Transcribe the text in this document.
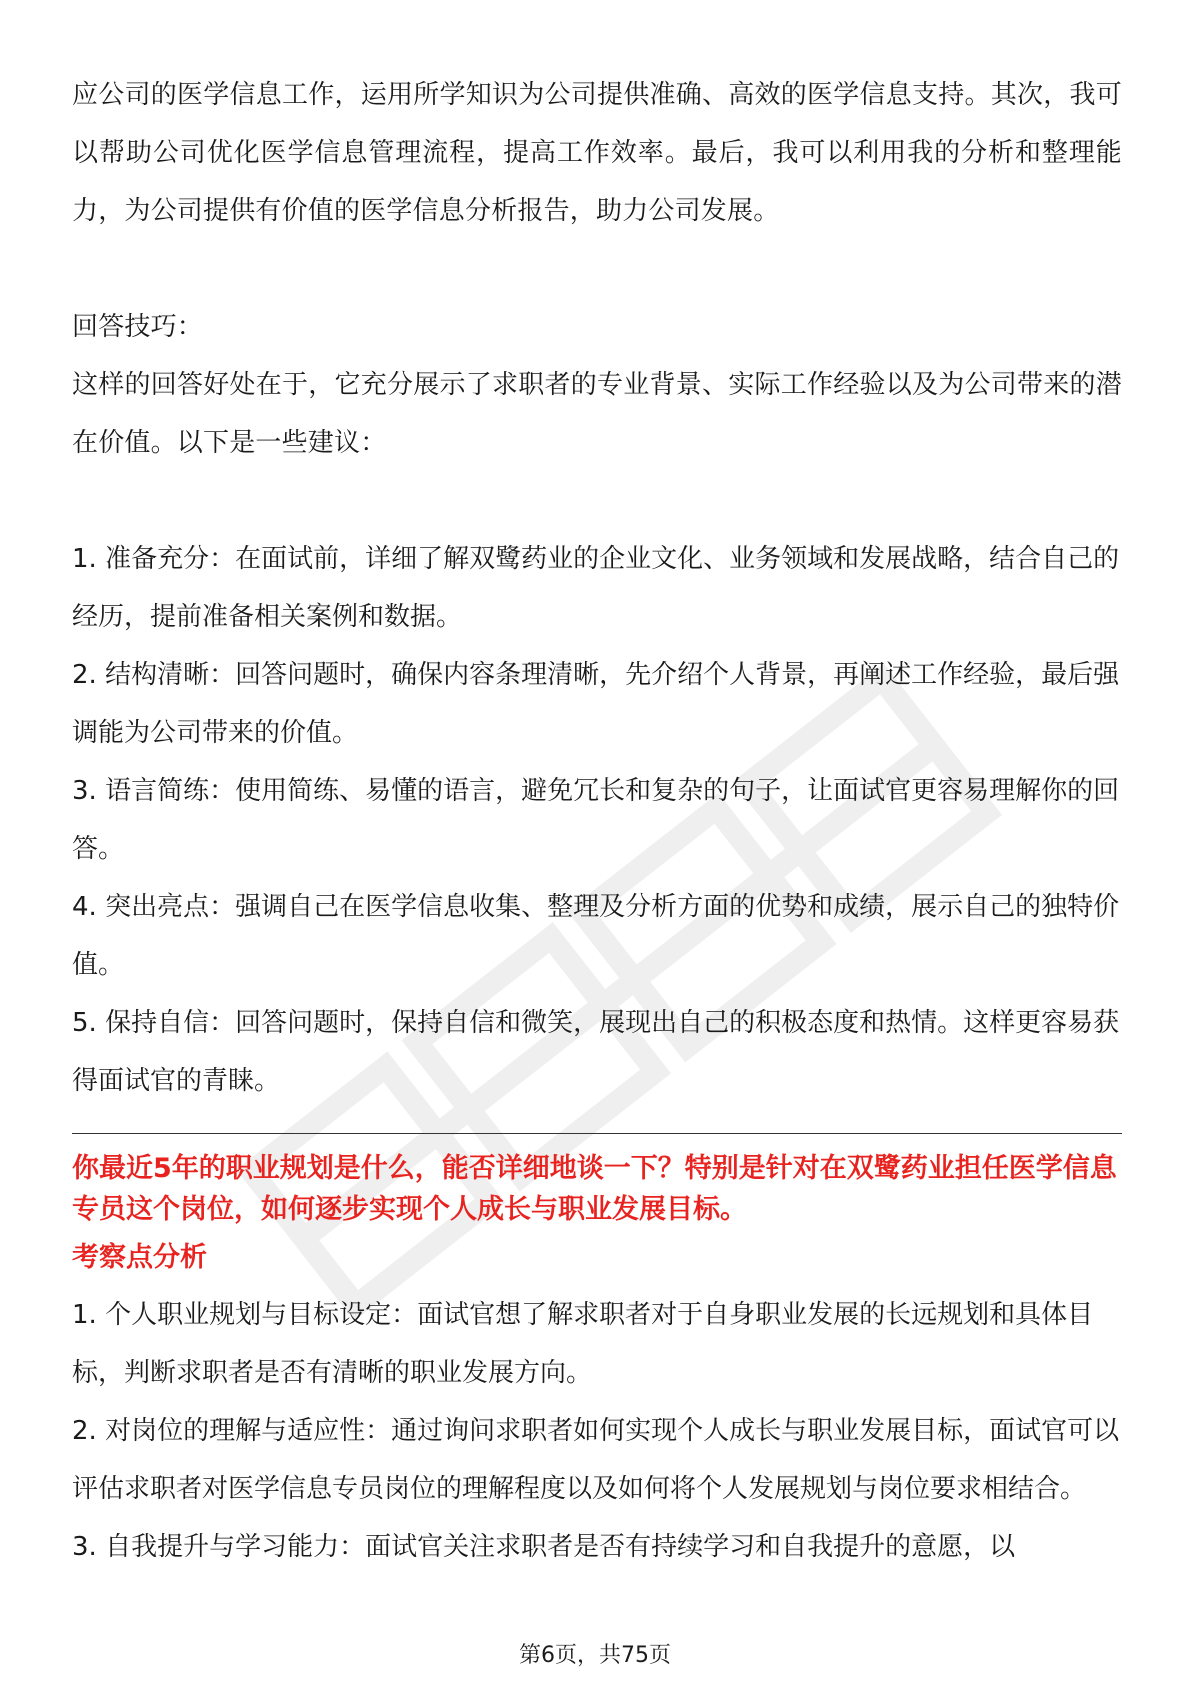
应公司的医学信息工作，运用所学知识为公司提供准确、高效的医学信息支持。其次，我可以帮助公司优化医学信息管理流程，提高工作效率。最后，我可以利用我的分析和整理能力，为公司提供有价值的医学信息分析报告，助力公司发展。

回答技巧：

这样的回答好处在于，它充分展示了求职者的专业背景、实际工作经验以及为公司带来的潜在价值。以下是一些建议：

1. 准备充分：在面试前，详细了解双鹭药业的企业文化、业务领域和发展战略，结合自己的经历，提前准备相关案例和数据。

2. 结构清晰：回答问题时，确保内容条理清晰，先介绍个人背景，再阐述工作经验，最后强调能为公司带来的价值。

3. 语言简练：使用简练、易懂的语言，避免冗长和复杂的句子，让面试官更容易理解你的回答。

4. 突出亮点：强调自己在医学信息收集、整理及分析方面的优势和成绩，展示自己的独特价值。

5. 保持自信：回答问题时，保持自信和微笑，展现出自己的积极态度和热情。这样更容易获得面试官的青睐。

你最近5年的职业规划是什么，能否详细地谈一下？特别是针对在双鹭药业担任医学信息专员这个岗位，如何逐步实现个人成长与职业发展目标。

考察点分析

1. 个人职业规划与目标设定：面试官想了解求职者对于自身职业发展的长远规划和具体目标，判断求职者是否有清晰的职业发展方向。

2. 对岗位的理解与适应性：通过询问求职者如何实现个人成长与职业发展目标，面试官可以评估求职者对医学信息专员岗位的理解程度以及如何将个人发展规划与岗位要求相结合。

3. 自我提升与学习能力：面试官关注求职者是否有持续学习和自我提升的意愿，以

第6页，共75页
